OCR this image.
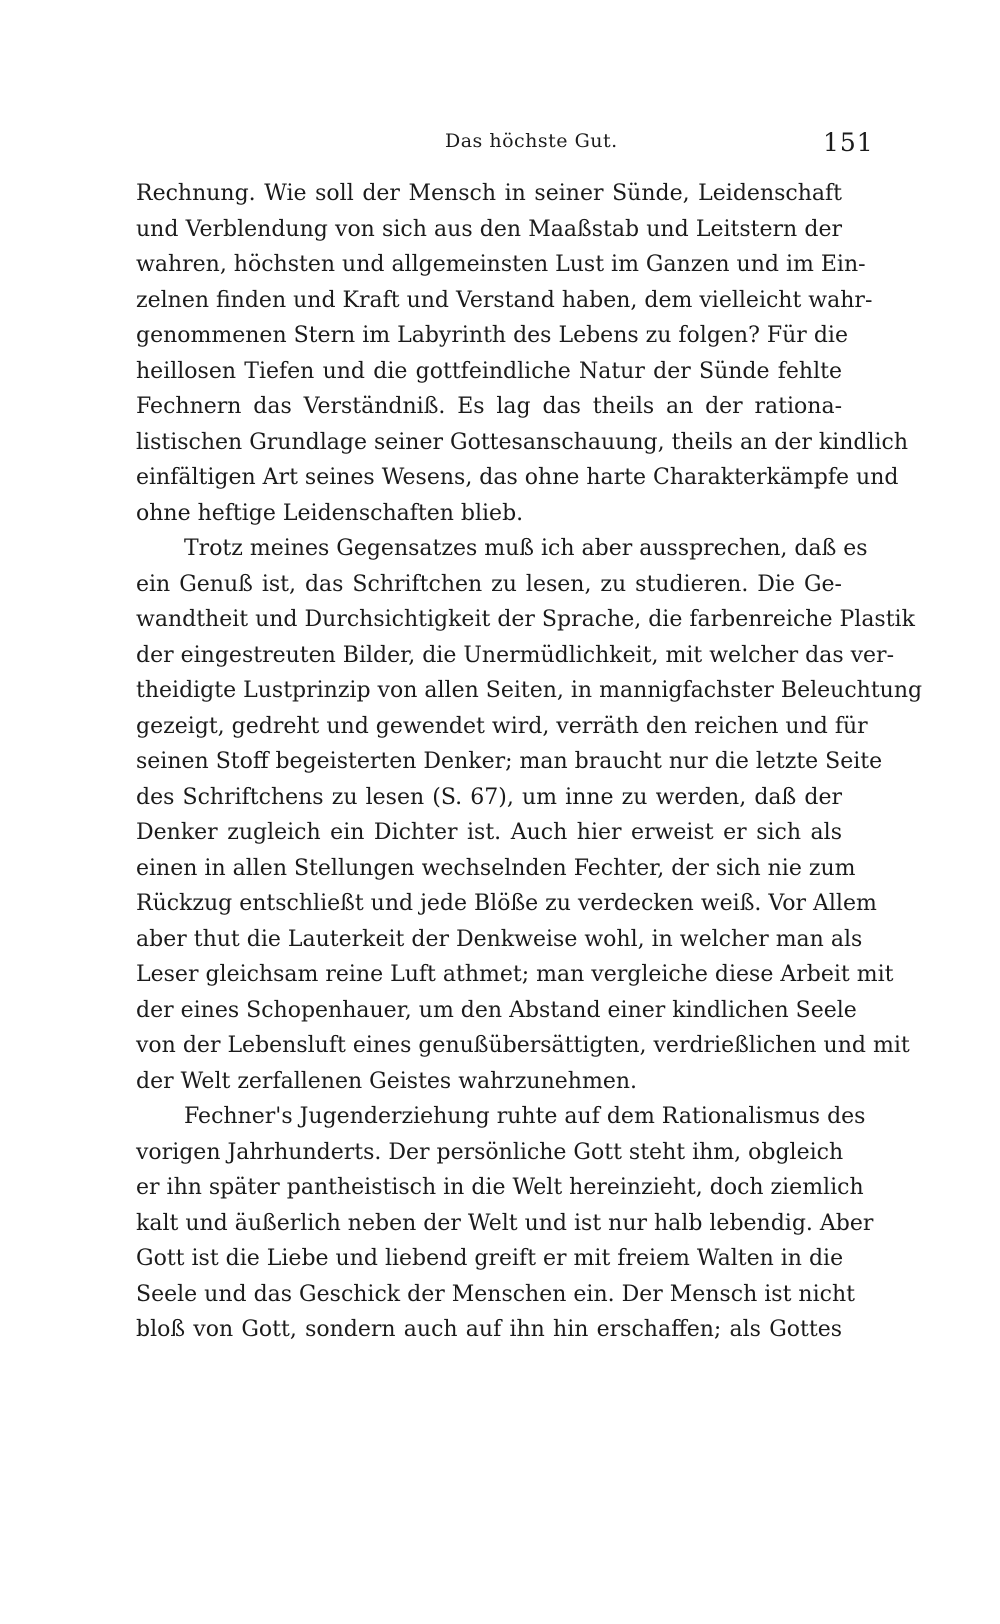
Das höchste Gut.	151
Rechnung. Wie soll der Mensch in seiner Sünde, Leidenschaft
und Verblendung von sich aus den Maaßstab und Leitstern der
wahren, höchsten und allgemeinsten Lust im Ganzen und im Ein-
zelnen finden und Kraft und Verstand haben, dem vielleicht wahr-
genommenen Stern im Labyrinth des Lebens zu folgen? Für die
heillosen Tiefen und die gottfeindliche Natur der Sünde fehlte
Fechnern das Verständniß. Es lag das theils an der rationa-
listischen Grundlage seiner Gottesanschauung, theils an der kindlich
einfältigen Art seines Wesens, das ohne harte Charakterkämpfe und
ohne heftige Leidenschaften blieb.
Trotz meines Gegensatzes muß ich aber aussprechen, daß es
ein Genuß ist, das Schriftchen zu lesen, zu studieren. Die Ge-
wandtheit und Durchsichtigkeit der Sprache, die farbenreiche Plastik
der eingestreuten Bilder, die Unermüdlichkeit, mit welcher das ver-
theidigte Lustprinzip von allen Seiten, in mannigfachster Beleuchtung
gezeigt, gedreht und gewendet wird, verräth den reichen und für
seinen Stoff begeisterten Denker; man braucht nur die letzte Seite
des Schriftchens zu lesen (S. 67), um inne zu werden, daß der
Denker zugleich ein Dichter ist. Auch hier erweist er sich als
einen in allen Stellungen wechselnden Fechter, der sich nie zum
Rückzug entschließt und jede Blöße zu verdecken weiß. Vor Allem
aber thut die Lauterkeit der Denkweise wohl, in welcher man als
Leser gleichsam reine Luft athmet; man vergleiche diese Arbeit mit
der eines Schopenhauer, um den Abstand einer kindlichen Seele
von der Lebensluft eines genußübersättigten, verdrießlichen und mit
der Welt zerfallenen Geistes wahrzunehmen.
Fechner's Jugenderziehung ruhte auf dem Rationalismus des
vorigen Jahrhunderts. Der persönliche Gott steht ihm, obgleich
er ihn später pantheistisch in die Welt hereinzieht, doch ziemlich
kalt und äußerlich neben der Welt und ist nur halb lebendig. Aber
Gott ist die Liebe und liebend greift er mit freiem Walten in die
Seele und das Geschick der Menschen ein. Der Mensch ist nicht
bloß von Gott, sondern auch auf ihn hin erschaffen; als Gottes
